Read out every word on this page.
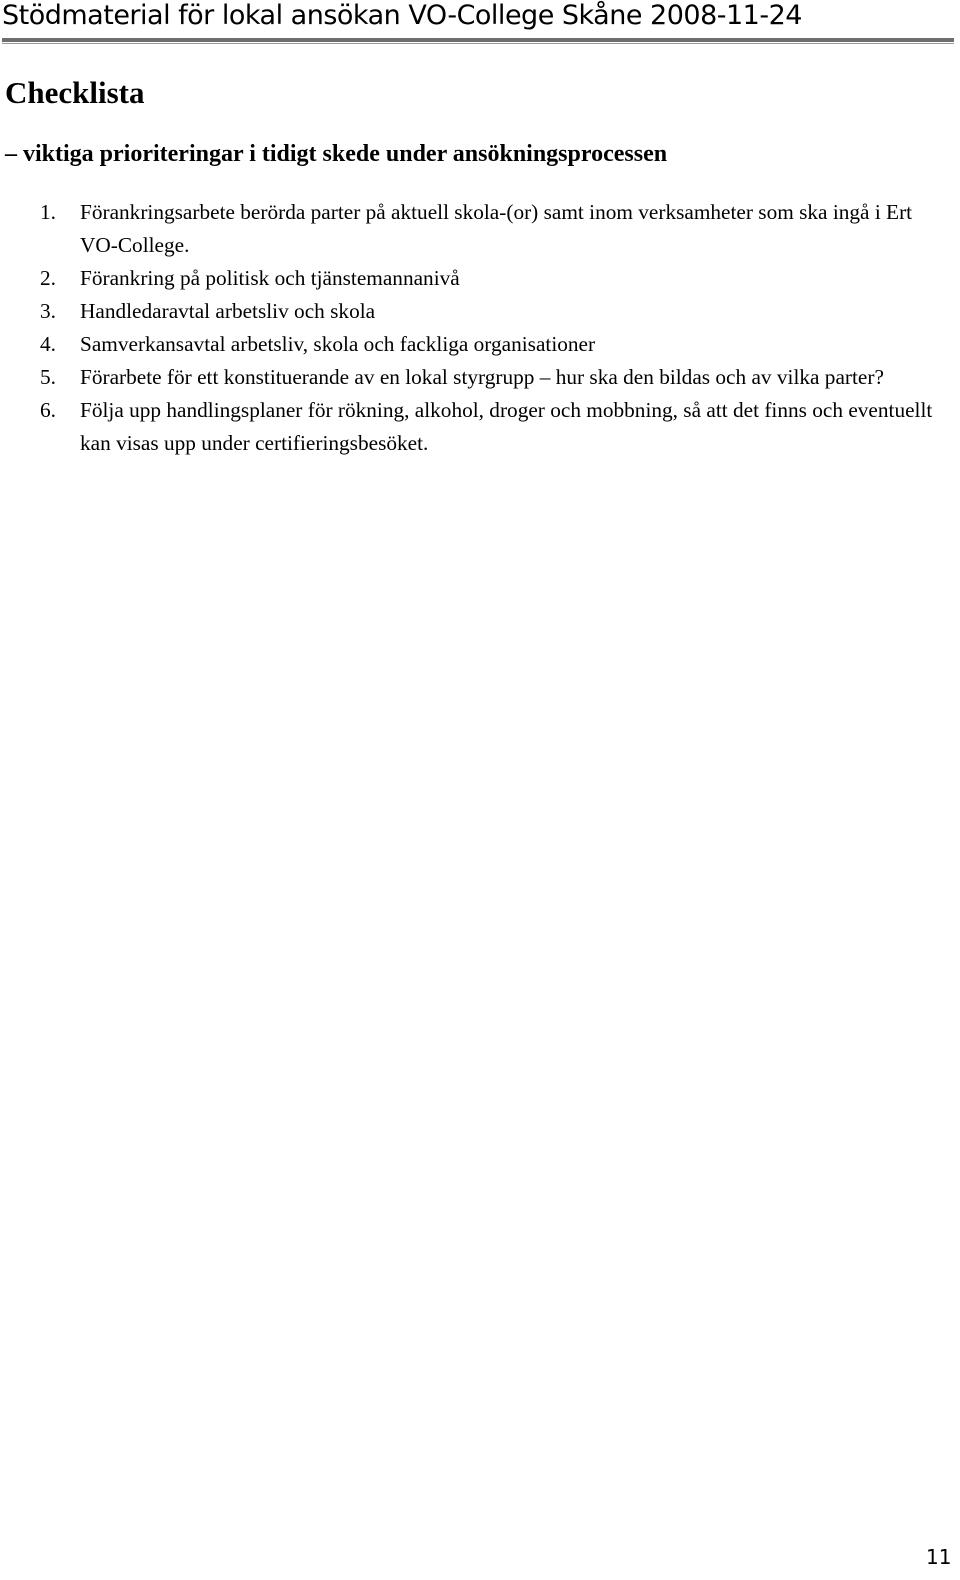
Stödmaterial för lokal ansökan VO-College Skåne 2008-11-24
Checklista
– viktiga prioriteringar i tidigt skede under ansökningsprocessen
1. Förankringsarbete berörda parter på aktuell skola-(or) samt inom verksamheter som ska ingå i Ert VO-College.
2. Förankring på politisk och tjänstemannanivå
3. Handledaravtal arbetsliv och skola
4. Samverkansavtal arbetsliv, skola och fackliga organisationer
5. Förarbete för ett konstituerande av en lokal styrgrupp – hur ska den bildas och av vilka parter?
6. Följa upp handlingsplaner för rökning, alkohol, droger och mobbning, så att det finns och eventuellt kan visas upp under certifieringsbesöket.
11
